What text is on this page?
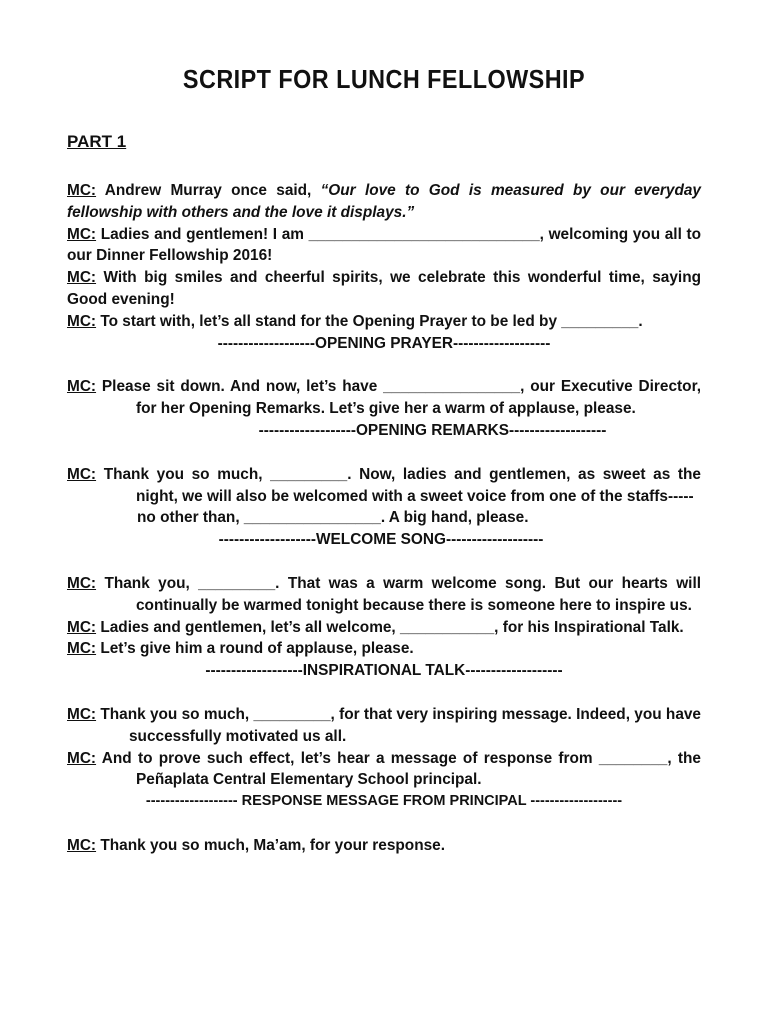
SCRIPT FOR LUNCH FELLOWSHIP
PART 1

MC: Andrew Murray once said, “Our love to God is measured by our everyday fellowship with others and the love it displays.”

MC: Ladies and gentlemen! I am ___________________________, welcoming you all to our Dinner Fellowship 2016!

MC: With big smiles and cheerful spirits, we celebrate this wonderful time, saying Good evening!

MC: To start with, let’s all stand for the Opening Prayer to be led by _________.

-------------------OPENING PRAYER-------------------

MC: Please sit down. And now, let’s have ________________, our Executive Director, for her Opening Remarks. Let’s give her a warm of applause, please.

-------------------OPENING REMARKS-------------------

MC: Thank you so much, _________. Now, ladies and gentlemen, as sweet as the night, we will also be welcomed with a sweet voice from one of the staffs-----

no other than, ________________. A big hand, please.

-------------------WELCOME SONG-------------------

MC: Thank you, _________. That was a warm welcome song. But our hearts will continually be warmed tonight because there is someone here to inspire us.

MC: Ladies and gentlemen, let’s all welcome, ___________, for his Inspirational Talk.

MC: Let’s give him a round of applause, please.

-------------------INSPIRATIONAL TALK-------------------

MC: Thank you so much, _________, for that very inspiring message. Indeed, you have successfully motivated us all.

MC: And to prove such effect, let’s hear a message of response from ________, the Peñaplata Central Elementary School principal.

------------------- RESPONSE MESSAGE FROM PRINCIPAL -------------------

MC: Thank you so much, Ma’am, for your response.
